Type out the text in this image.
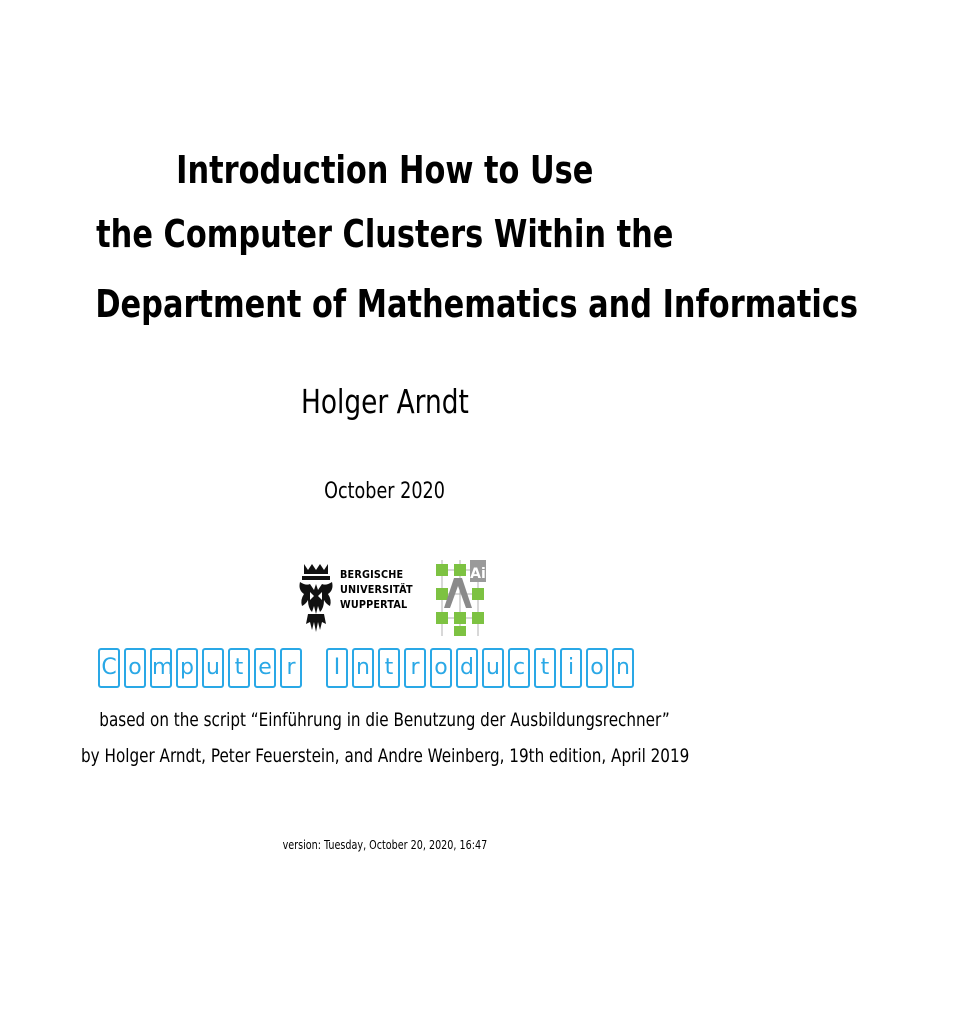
Introduction How to Use
the Computer Clusters Within the
Department of Mathematics and Informatics
Holger Arndt
October 2020
BERGISCHE
UNIVERSITÄT
WUPPERTAL
Ai
C o m p u t e r	I n t r o d u c t i o n
based on the script “Einführung in die Benutzung der Ausbildungsrechner”
by Holger Arndt, Peter Feuerstein, and Andre Weinberg, 19th edition, April 2019
version: Tuesday, October 20, 2020, 16:47
